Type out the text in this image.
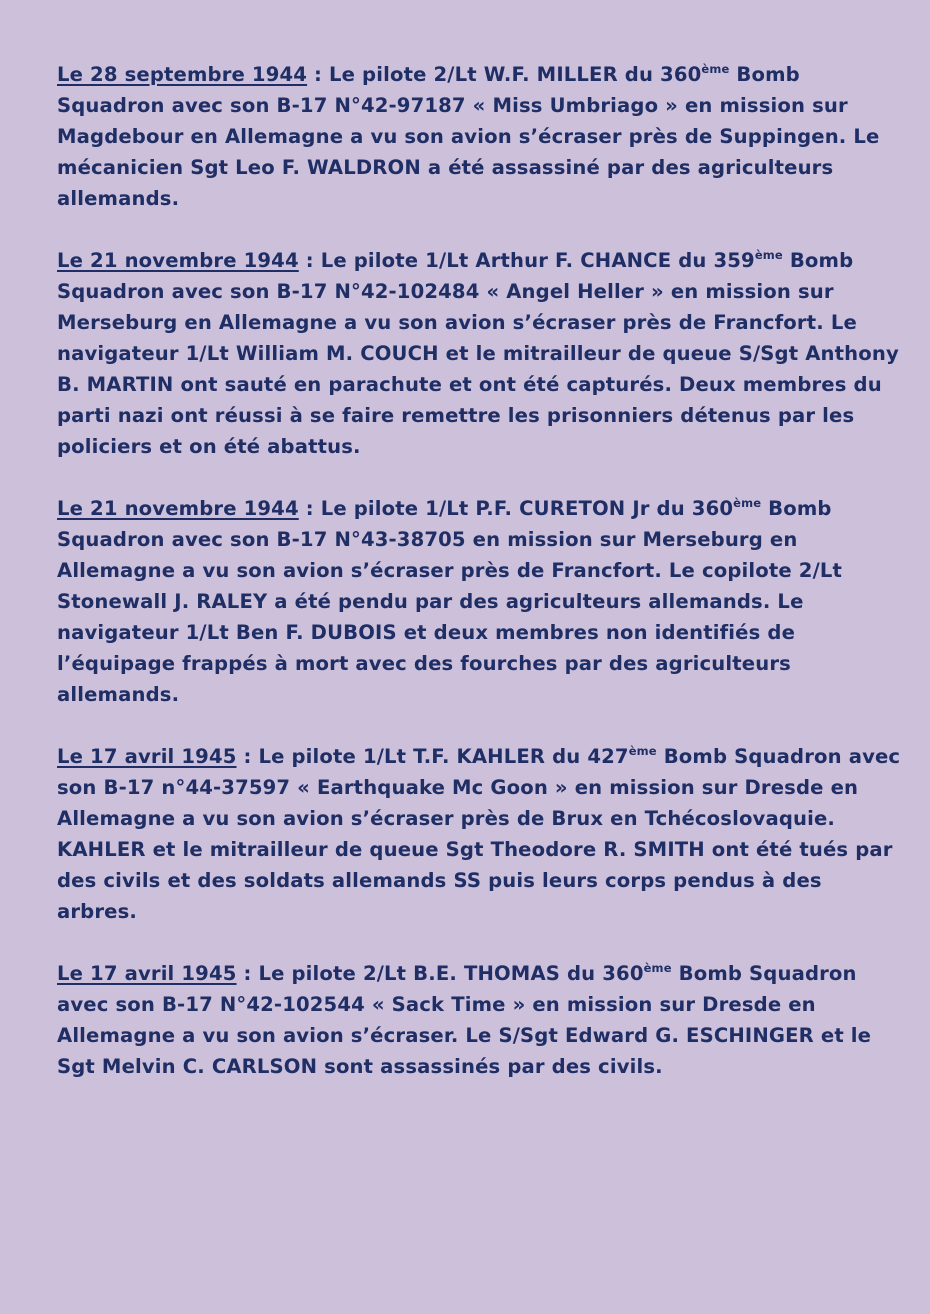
Le 28 septembre 1944 : Le pilote 2/Lt W.F. MILLER du 360ème Bomb Squadron avec son B-17 N°42-97187 « Miss Umbriago » en mission sur Magdebour en Allemagne a vu son avion s’écraser près de Suppingen. Le mécanicien Sgt Leo F. WALDRON a été assassiné par des agriculteurs allemands.

Le 21 novembre 1944 : Le pilote 1/Lt Arthur F. CHANCE du 359ème Bomb Squadron avec son B-17 N°42-102484 « Angel Heller » en mission sur Merseburg en Allemagne a vu son avion s’écraser près de Francfort. Le navigateur 1/Lt William M. COUCH et le mitrailleur de queue S/Sgt Anthony B. MARTIN ont sauté en parachute et ont été capturés. Deux membres du parti nazi ont réussi à se faire remettre les prisonniers détenus par les policiers et on été abattus.

Le 21 novembre 1944 : Le pilote 1/Lt P.F. CURETON Jr du 360ème Bomb Squadron avec son B-17 N°43-38705 en mission sur Merseburg en Allemagne a vu son avion s’écraser près de Francfort. Le copilote 2/Lt Stonewall J. RALEY a été pendu par des agriculteurs allemands. Le navigateur 1/Lt Ben F. DUBOIS et deux membres non identifiés de l’équipage frappés à mort avec des fourches par des agriculteurs allemands.

Le 17 avril 1945 : Le pilote 1/Lt T.F. KAHLER du 427ème Bomb Squadron avec son B-17 n°44-37597 « Earthquake Mc Goon » en mission sur Dresde en Allemagne a vu son avion s’écraser près de Brux en Tchécoslovaquie. KAHLER et le mitrailleur de queue Sgt Theodore R. SMITH ont été tués par des civils et des soldats allemands SS puis leurs corps pendus à des arbres.

Le 17 avril 1945 : Le pilote 2/Lt B.E. THOMAS du 360ème Bomb Squadron avec son B-17 N°42-102544 « Sack Time » en mission sur Dresde en Allemagne a vu son avion s’écraser. Le S/Sgt Edward G. ESCHINGER et le Sgt Melvin C. CARLSON sont assassinés par des civils.
